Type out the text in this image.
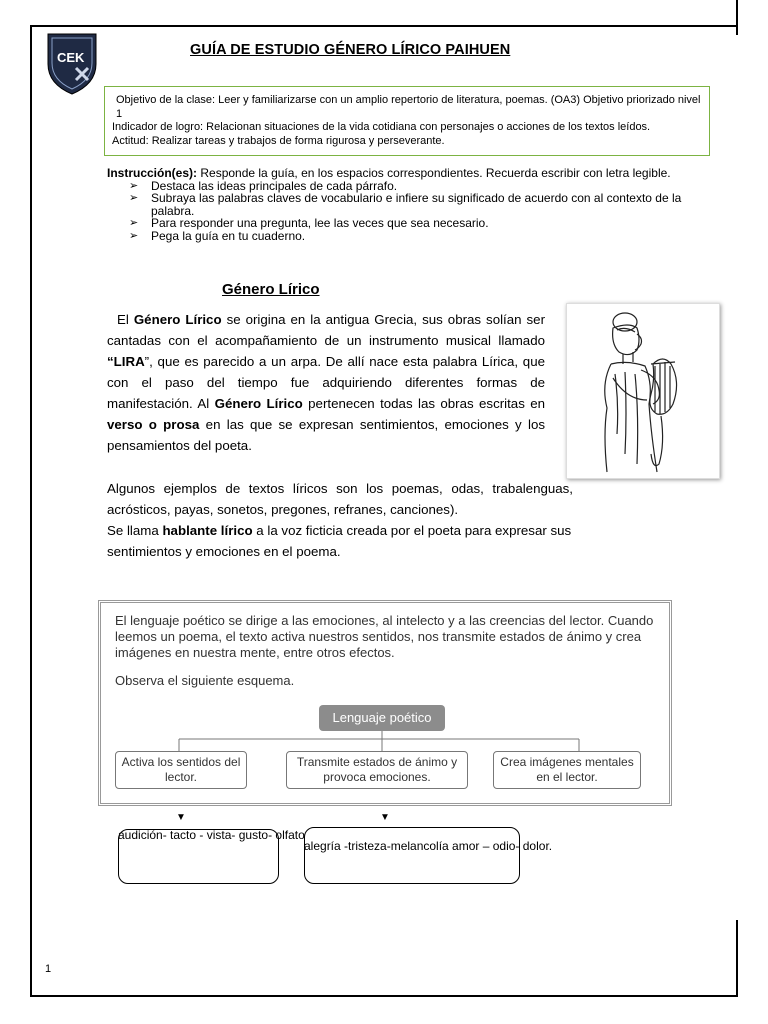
CEK	GUÍA DE ESTUDIO GÉNERO LÍRICO PAIHUEN

Objetivo de la clase: Leer y familiarizarse con un amplio repertorio de literatura, poemas. (OA3) Objetivo priorizado nivel 1

Indicador de logro: Relacionan situaciones de la vida cotidiana con personajes o acciones de los textos leídos.

Actitud: Realizar tareas y trabajos de forma rigurosa y perseverante.

Instrucción(es): Responde la guía, en los espacios correspondientes. Recuerda escribir con letra legible.

➢ Destaca las ideas principales de cada párrafo.
➢ Subraya las palabras claves de vocabulario e infiere su significado de acuerdo con al contexto de la palabra.
➢ Para responder una pregunta, lee las veces que sea necesario.
➢ Pega la guía en tu cuaderno.
Género Lírico

El Género Lírico se origina en la antigua Grecia, sus obras solían ser cantadas con el acompañamiento de un instrumento musical llamado “LIRA”, que es parecido a un arpa. De allí nace esta palabra Lírica, que con el paso del tiempo fue adquiriendo diferentes formas de manifestación. Al Género Lírico pertenecen todas las obras escritas en verso o prosa en las que se expresan sentimientos, emociones y los pensamientos del poeta.

Algunos ejemplos de textos líricos son los poemas, odas, trabalenguas, acrósticos, payas, sonetos, pregones, refranes, canciones).

Se llama hablante lírico a la voz ficticia creada por el poeta para expresar sus sentimientos y emociones en el poema.

El lenguaje poético se dirige a las emociones, al intelecto y a las creencias del lector. Cuando leemos un poema, el texto activa nuestros sentidos, nos transmite estados de ánimo y crea imágenes en nuestra mente, entre otros efectos.

Observa el siguiente esquema.

Lenguaje poético
Activa los sentidos del lector.
Transmite estados de ánimo y provoca emociones.
Crea imágenes mentales en el lector.
▼	▼
audición- tacto - vista- gusto- olfato
alegría -tristeza-melancolía amor – odio- dolor.
1
